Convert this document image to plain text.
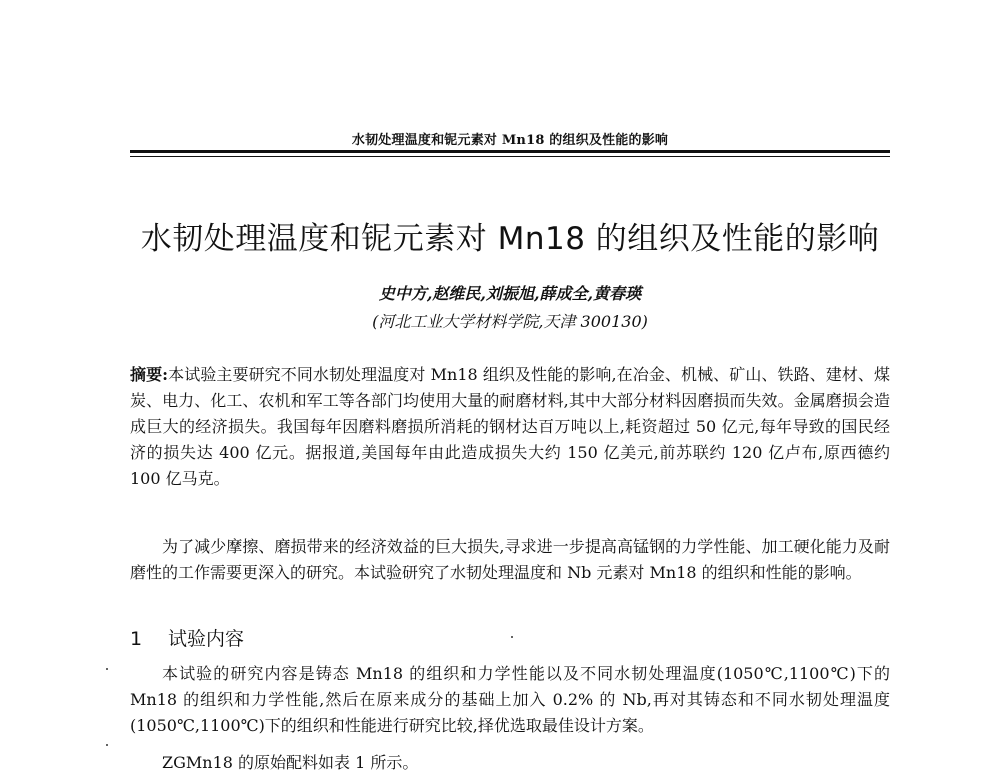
水韧处理温度和铌元素对 Mn18 的组织及性能的影响
水韧处理温度和铌元素对 Mn18 的组织及性能的影响
史中方,赵维民,刘振旭,薛成全,黄春瑛
(河北工业大学材料学院,天津 300130)

摘要:本试验主要研究不同水韧处理温度对 Mn18 组织及性能的影响,在冶金、机械、矿山、铁路、建材、煤炭、电力、化工、农机和军工等各部门均使用大量的耐磨材料,其中大部分材料因磨损而失效。金属磨损会造成巨大的经济损失。我国每年因磨料磨损所消耗的钢材达百万吨以上,耗资超过 50 亿元,每年导致的国民经济的损失达 400 亿元。据报道,美国每年由此造成损失大约 150 亿美元,前苏联约 120 亿卢布,原西德约 100 亿马克。

为了减少摩擦、磨损带来的经济效益的巨大损失,寻求进一步提高高锰钢的力学性能、加工硬化能力及耐磨性的工作需要更深入的研究。本试验研究了水韧处理温度和 Nb 元素对 Mn18 的组织和性能的影响。

1 试验内容

本试验的研究内容是铸态 Mn18 的组织和力学性能以及不同水韧处理温度(1050℃,1100℃)下的 Mn18 的组织和力学性能,然后在原来成分的基础上加入 0.2% 的 Nb,再对其铸态和不同水韧处理温度(1050℃,1100℃)下的组织和性能进行研究比较,择优选取最佳设计方案。

ZGMn18 的原始配料如表 1 所示。
